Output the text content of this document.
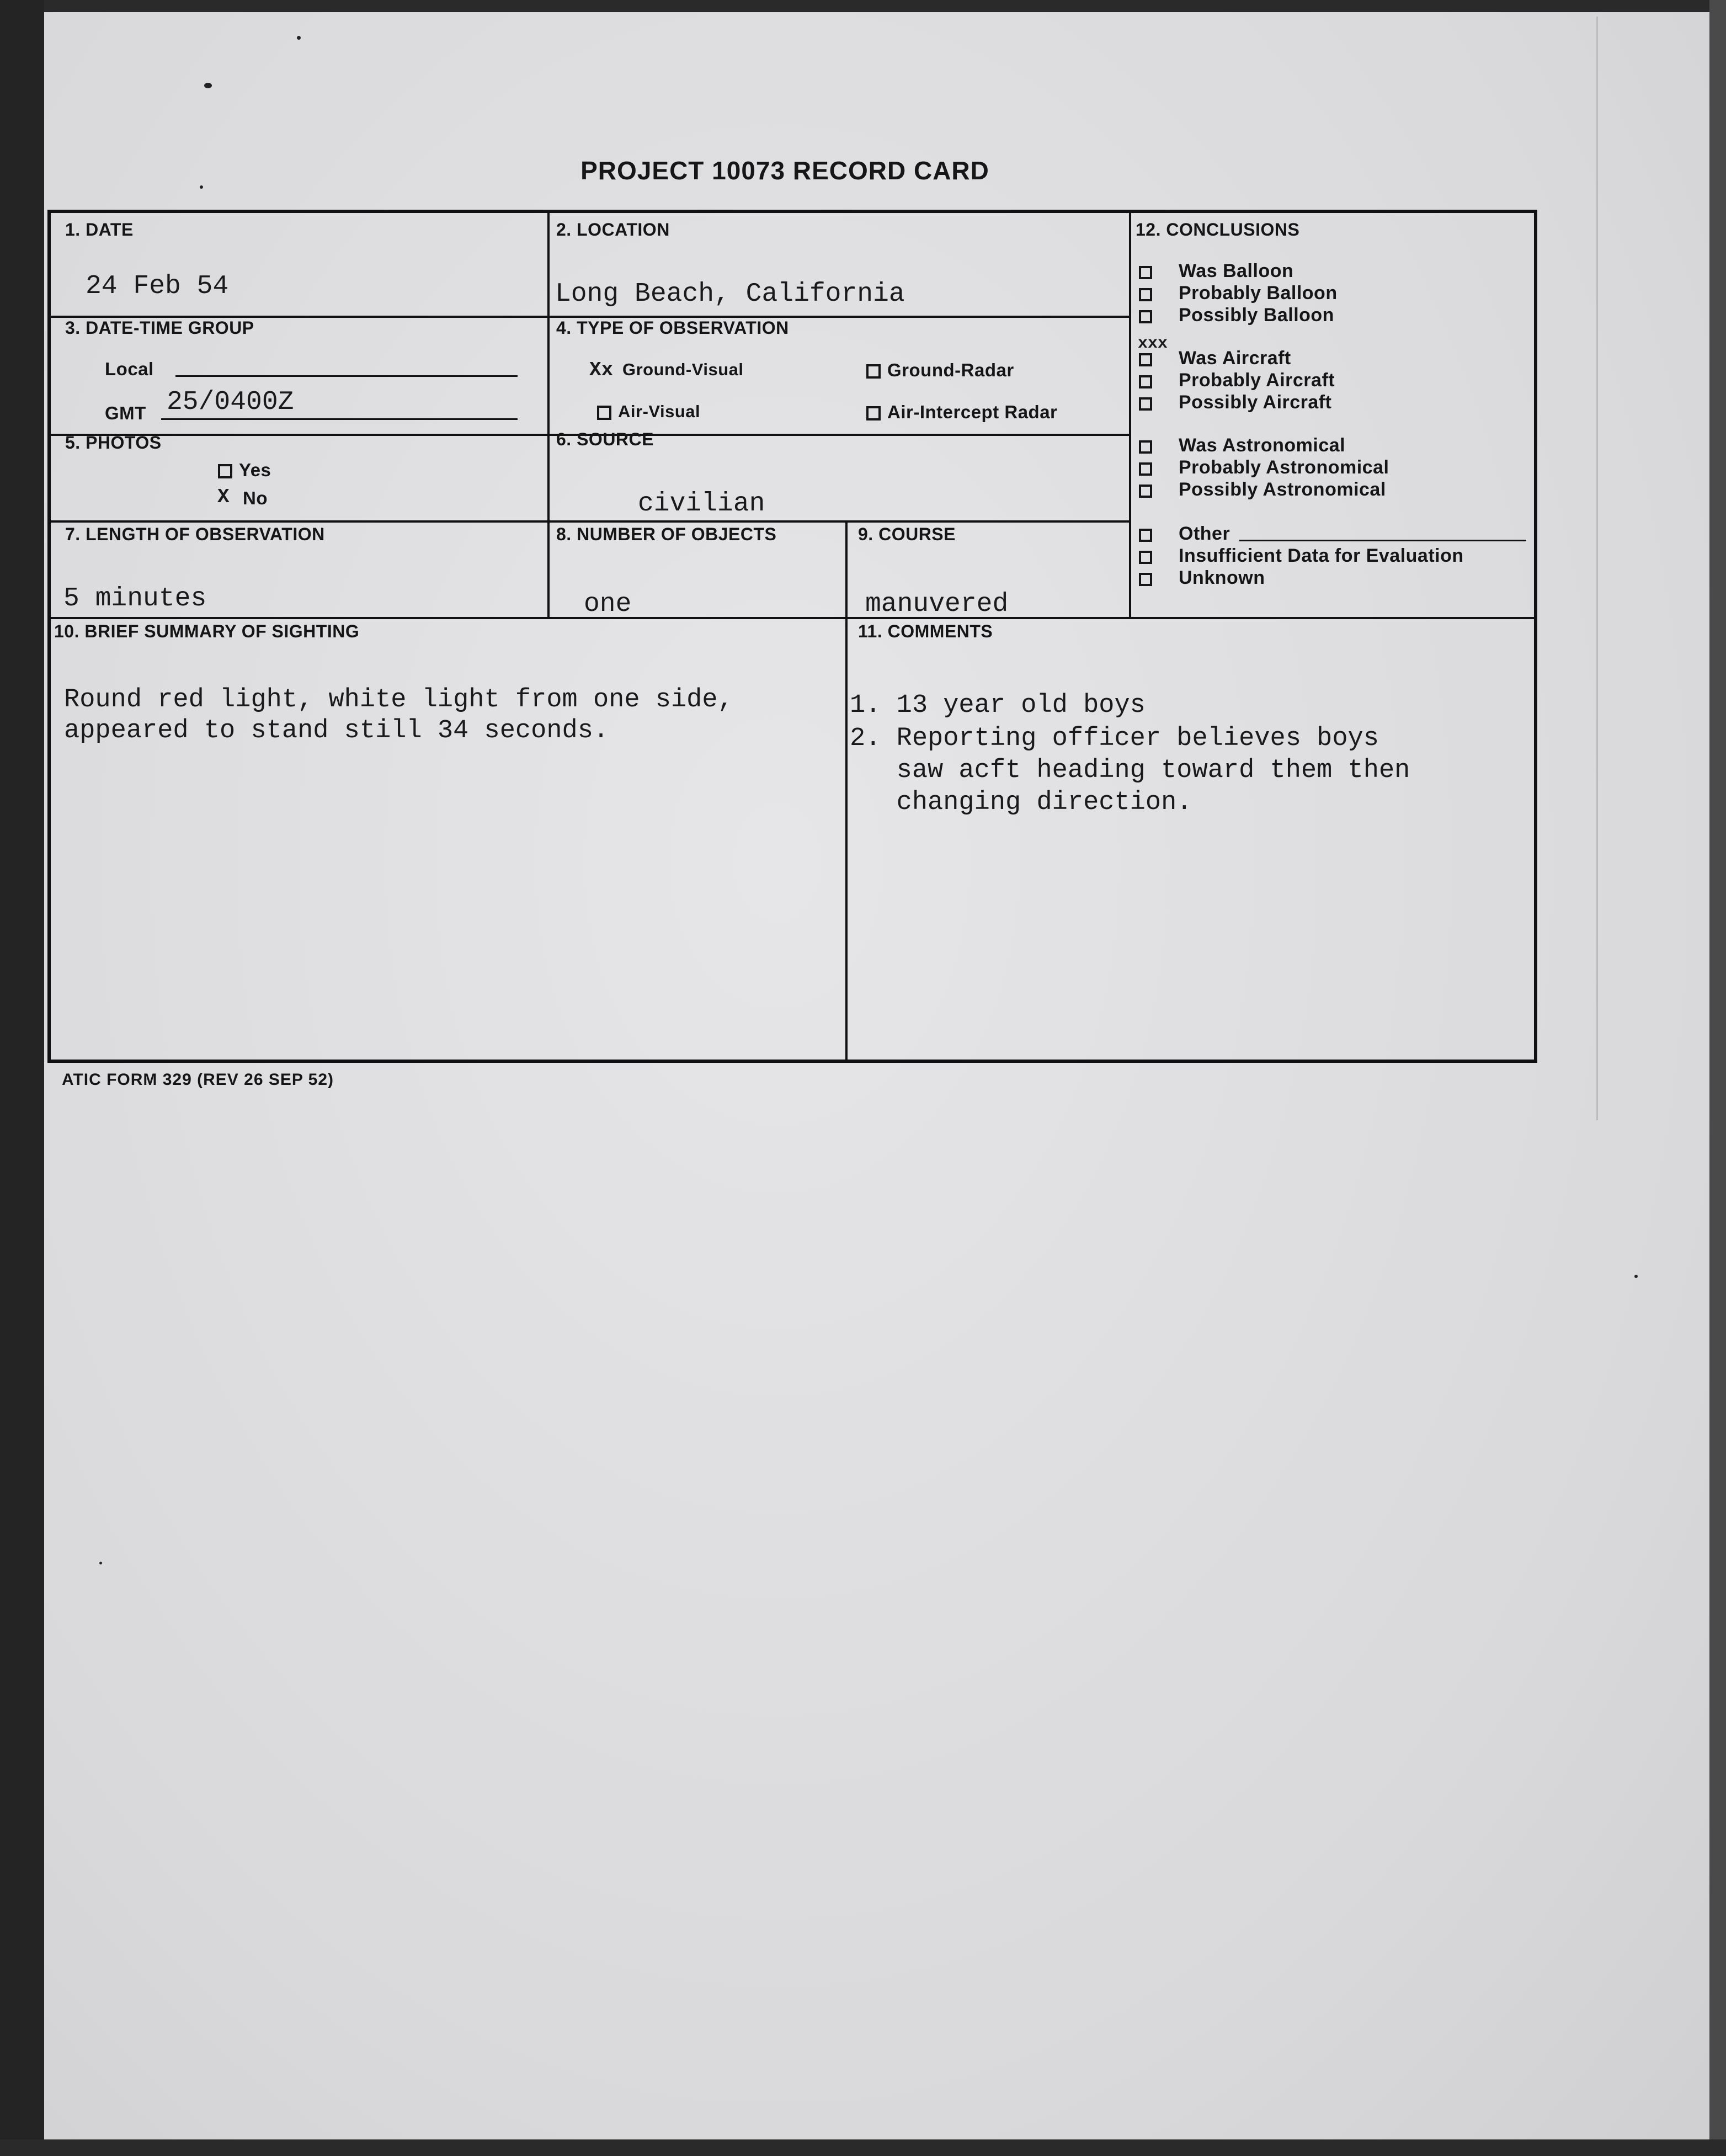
PROJECT 10073 RECORD CARD
1. DATE
24 Feb 54
2. LOCATION
Long Beach, California
3. DATE-TIME GROUP
Local
GMT 25/0400Z
4. TYPE OF OBSERVATION
Xx Ground-Visual	Ground-Radar
Air-Visual	Air-Intercept Radar
5. PHOTOS
Yes
X No
6. SOURCE
civilian
7. LENGTH OF OBSERVATION
5 minutes
8. NUMBER OF OBJECTS
one
9. COURSE
manuvered
10. BRIEF SUMMARY OF SIGHTING
Round red light, white light from one side,
appeared to stand still 34 seconds.
11. COMMENTS
1. 13 year old boys
2. Reporting officer believes boys
saw acft heading toward them then
changing direction.
12. CONCLUSIONS
Was Balloon
Probably Balloon
Possibly Balloon
xxx
Was Aircraft
Probably Aircraft
Possibly Aircraft
Was Astronomical
Probably Astronomical
Possibly Astronomical
Other
Insufficient Data for Evaluation
Unknown
ATIC FORM 329 (REV 26 SEP 52)
